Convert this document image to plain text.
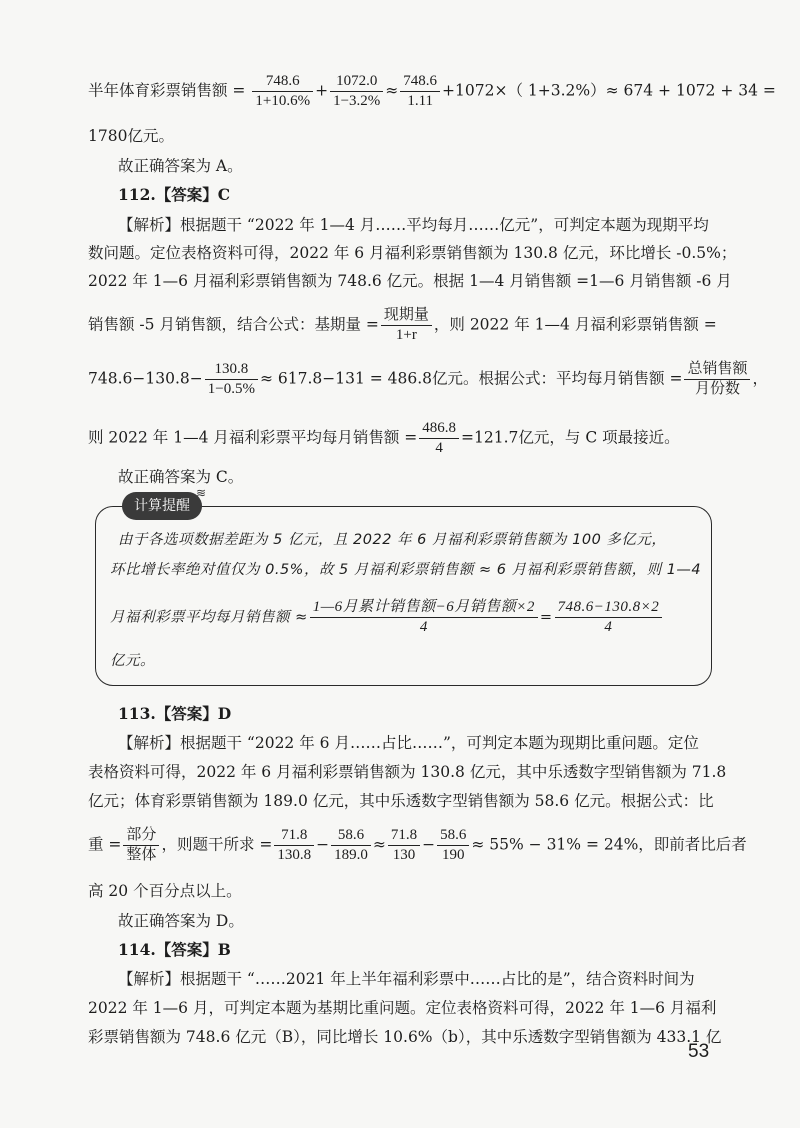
半年体育彩票销售额 = $\frac{748.6}{1+10.6\%} + \frac{1072.0}{1-3.2\%} \approx \frac{748.6}{1.11} +1072\times$（ 1+3.2%）≈ 674 + 1072 + 34 =
1780亿元。
故正确答案为 A。
112.【答案】C
【解析】根据题干 “2022 年 1—4 月……平均每月……亿元”，可判定本题为现期平均
数问题。定位表格资料可得，2022 年 6 月福利彩票销售额为 130.8 亿元，环比增长 -0.5%；
2022 年 1—6 月福利彩票销售额为 748.6 亿元。根据 1—4 月销售额 =1—6 月销售额 -6 月
销售额 -5 月销售额，结合公式：基期量 = $\frac{\text{现期量}}{1+r}$ ，则 2022 年 1—4 月福利彩票销售额 =
$748.6-130.8- \frac{130.8}{1-0.5\%} \approx 617.8-131 = 486.8$亿元。根据公式：平均每月销售额 = $\frac{\text{总销售额}}{\text{月份数}}$ ，
则 2022 年 1—4 月福利彩票平均每月销售额 = $\frac{486.8}{4} =121.7$亿元，与 C 项最接近。
故正确答案为 C。
计算提醒
≋
由于各选项数据差距为 5 亿元，且 2022 年 6 月福利彩票销售额为 100 多亿元，
环比增长率绝对值仅为 0.5%，故 5 月福利彩票销售额 ≈ 6 月福利彩票销售额，则 1—4
月福利彩票平均每月销售额 ≈ $\frac{\text{1—6月累计销售额−6月销售额×2}}{4} = \frac{748.6-130.8\times 2}{4}$
亿元。
113.【答案】D
【解析】根据题干 “2022 年 6 月……占比……”，可判定本题为现期比重问题。定位
表格资料可得，2022 年 6 月福利彩票销售额为 130.8 亿元，其中乐透数字型销售额为 71.8
亿元；体育彩票销售额为 189.0 亿元，其中乐透数字型销售额为 58.6 亿元。根据公式：比
重 = $\frac{\text{部分}}{\text{整体}}$ ，则题干所求 = $\frac{71.8}{130.8} - \frac{58.6}{189.0} \approx \frac{71.8}{130} - \frac{58.6}{190} \approx 55\% - 31\% = 24\%$，即前者比后者
高 20 个百分点以上。
故正确答案为 D。
114.【答案】B
【解析】根据题干 “……2021 年上半年福利彩票中……占比的是”，结合资料时间为
2022 年 1—6 月，可判定本题为基期比重问题。定位表格资料可得，2022 年 1—6 月福利
彩票销售额为 748.6 亿元（B），同比增长 10.6%（b），其中乐透数字型销售额为 433.1 亿
53
